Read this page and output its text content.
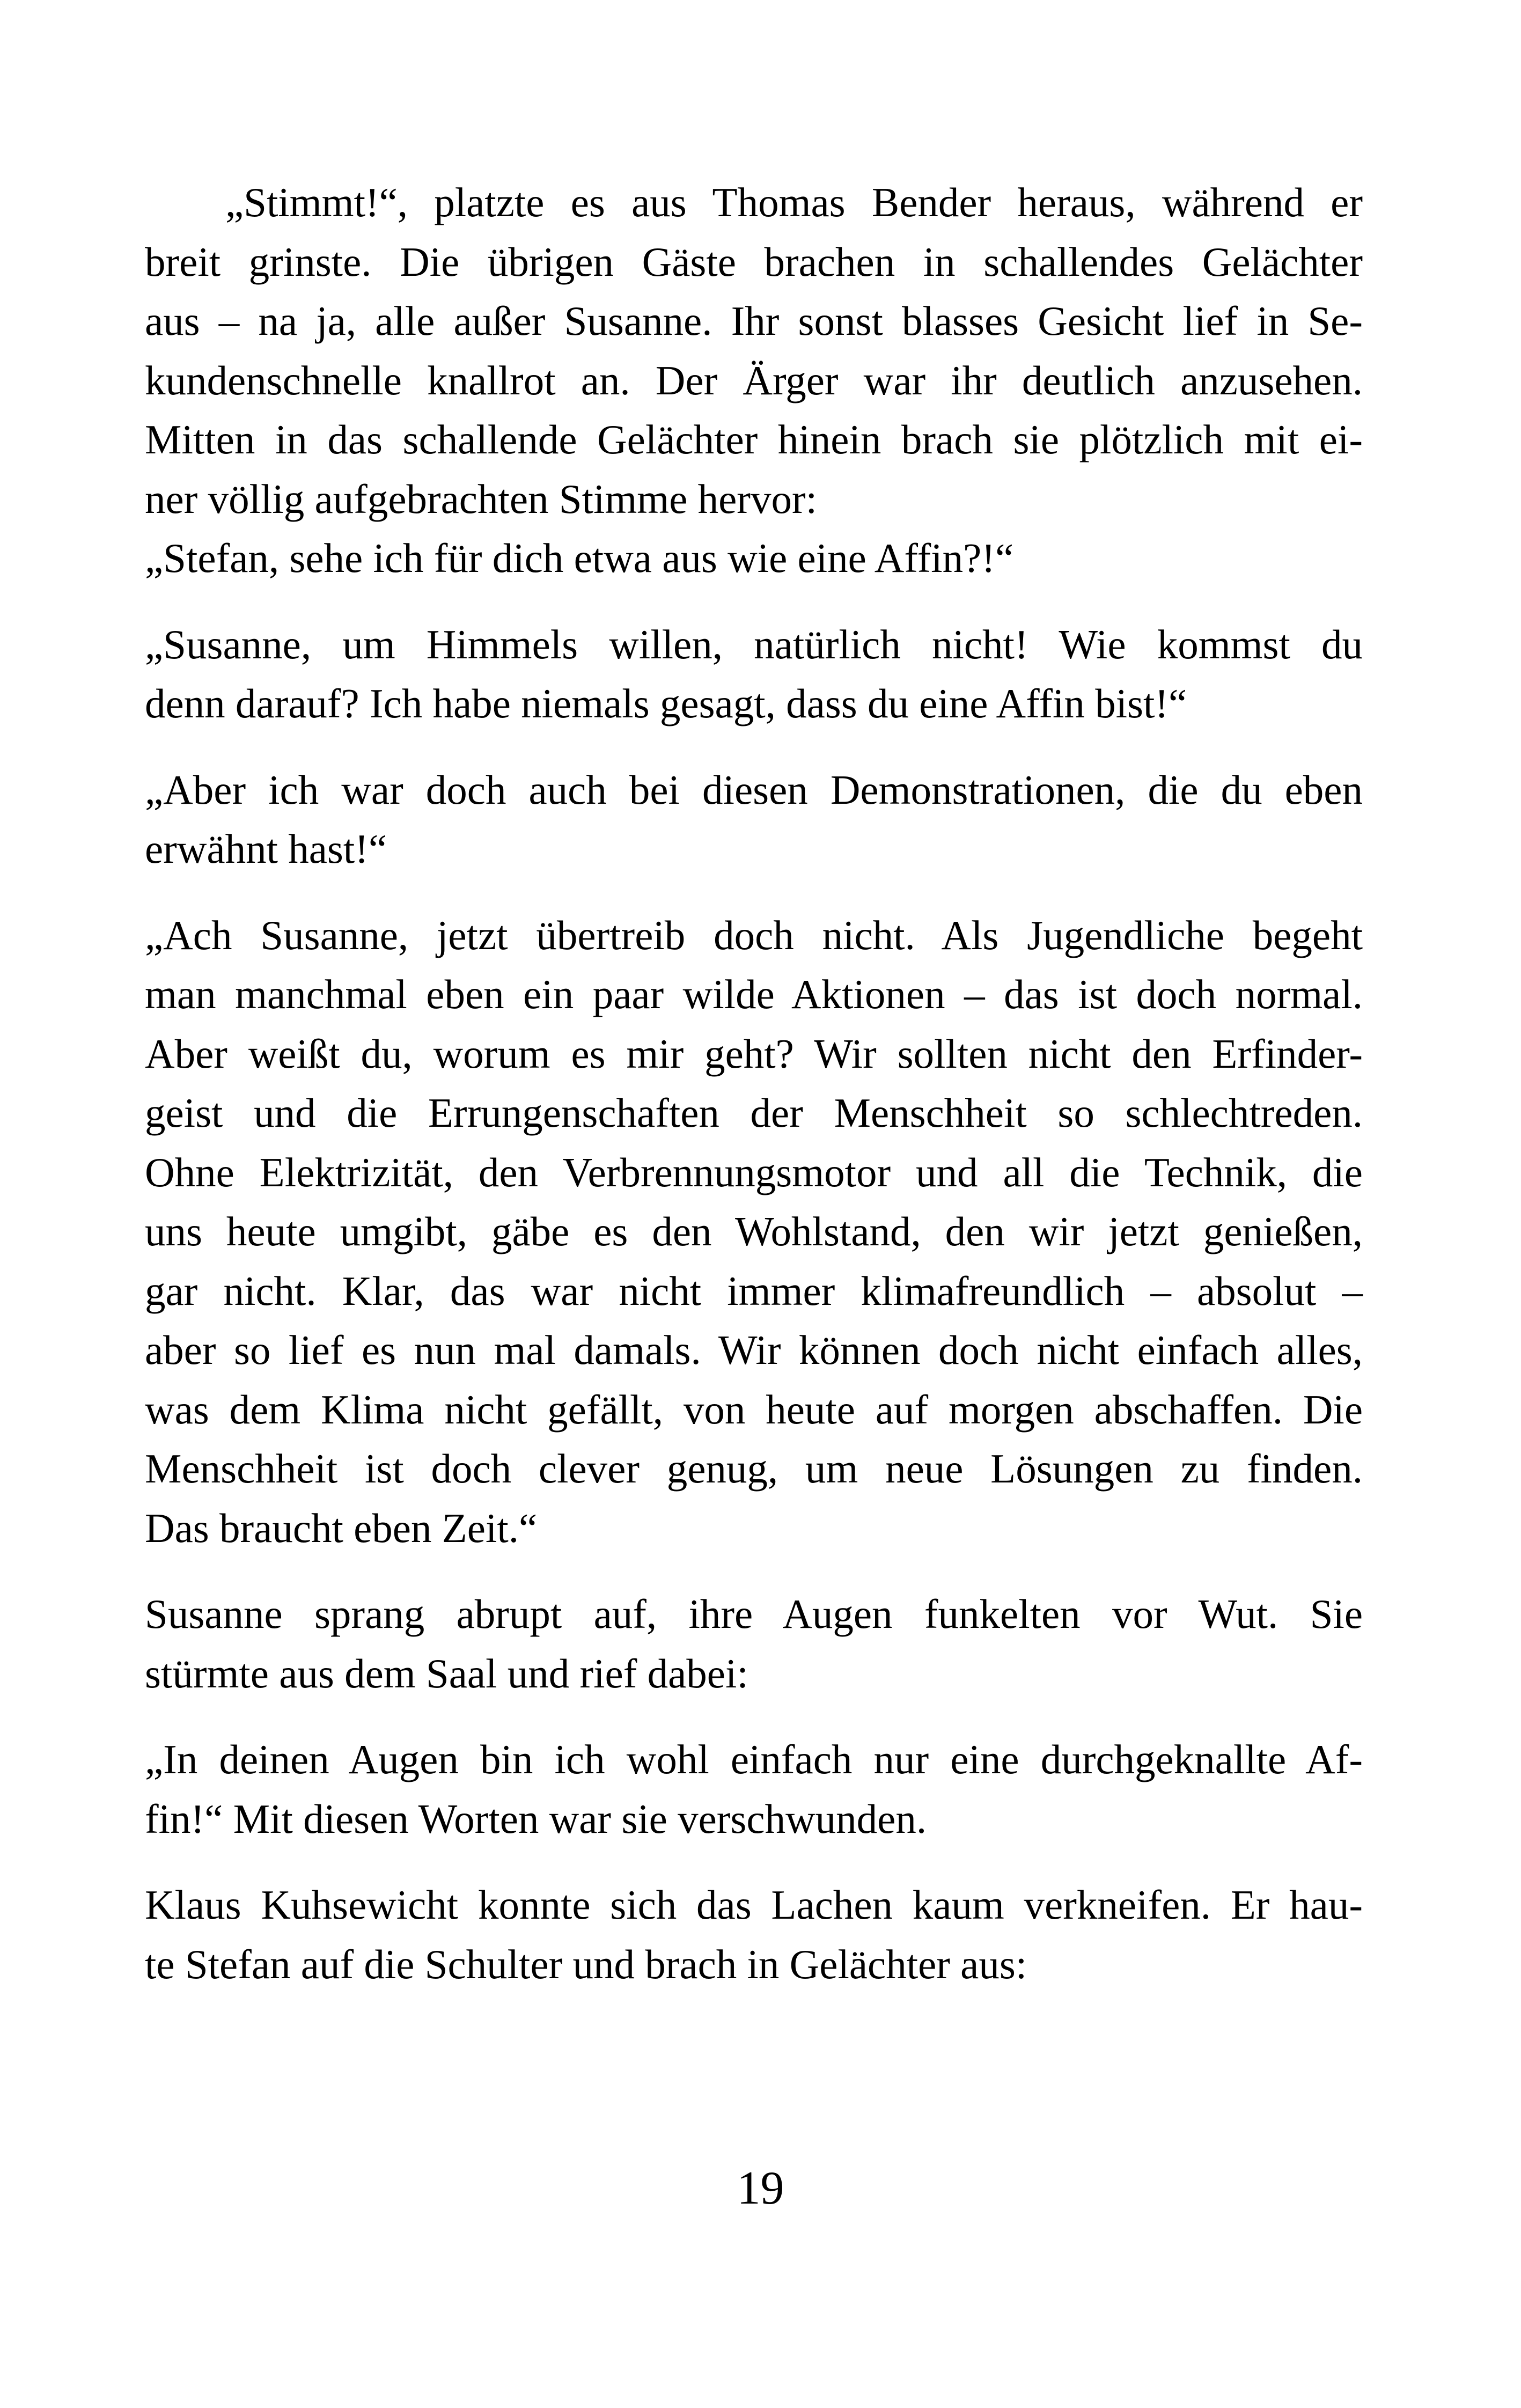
„Stimmt!“, platzte es aus Thomas Bender heraus, während er
breit grinste. Die übrigen Gäste brachen in schallendes Gelächter
aus – na ja, alle außer Susanne. Ihr sonst blasses Gesicht lief in Se-
kundenschnelle knallrot an. Der Ärger war ihr deutlich anzusehen.
Mitten in das schallende Gelächter hinein brach sie plötzlich mit ei-
ner völlig aufgebrachten Stimme hervor:

„Stefan, sehe ich für dich etwa aus wie eine Affin?!“

„Susanne, um Himmels willen, natürlich nicht! Wie kommst du
denn darauf? Ich habe niemals gesagt, dass du eine Affin bist!“

„Aber ich war doch auch bei diesen Demonstrationen, die du eben
erwähnt hast!“

„Ach Susanne, jetzt übertreib doch nicht. Als Jugendliche begeht
man manchmal eben ein paar wilde Aktionen – das ist doch normal.
Aber weißt du, worum es mir geht? Wir sollten nicht den Erfinder-
geist und die Errungenschaften der Menschheit so schlechtreden.
Ohne Elektrizität, den Verbrennungsmotor und all die Technik, die
uns heute umgibt, gäbe es den Wohlstand, den wir jetzt genießen,
gar nicht. Klar, das war nicht immer klimafreundlich – absolut –
aber so lief es nun mal damals. Wir können doch nicht einfach alles,
was dem Klima nicht gefällt, von heute auf morgen abschaffen. Die
Menschheit ist doch clever genug, um neue Lösungen zu finden.
Das braucht eben Zeit.“

Susanne sprang abrupt auf, ihre Augen funkelten vor Wut. Sie
stürmte aus dem Saal und rief dabei:

„In deinen Augen bin ich wohl einfach nur eine durchgeknallte Af-
fin!“ Mit diesen Worten war sie verschwunden.

Klaus Kuhsewicht konnte sich das Lachen kaum verkneifen. Er hau-
te Stefan auf die Schulter und brach in Gelächter aus:

19
